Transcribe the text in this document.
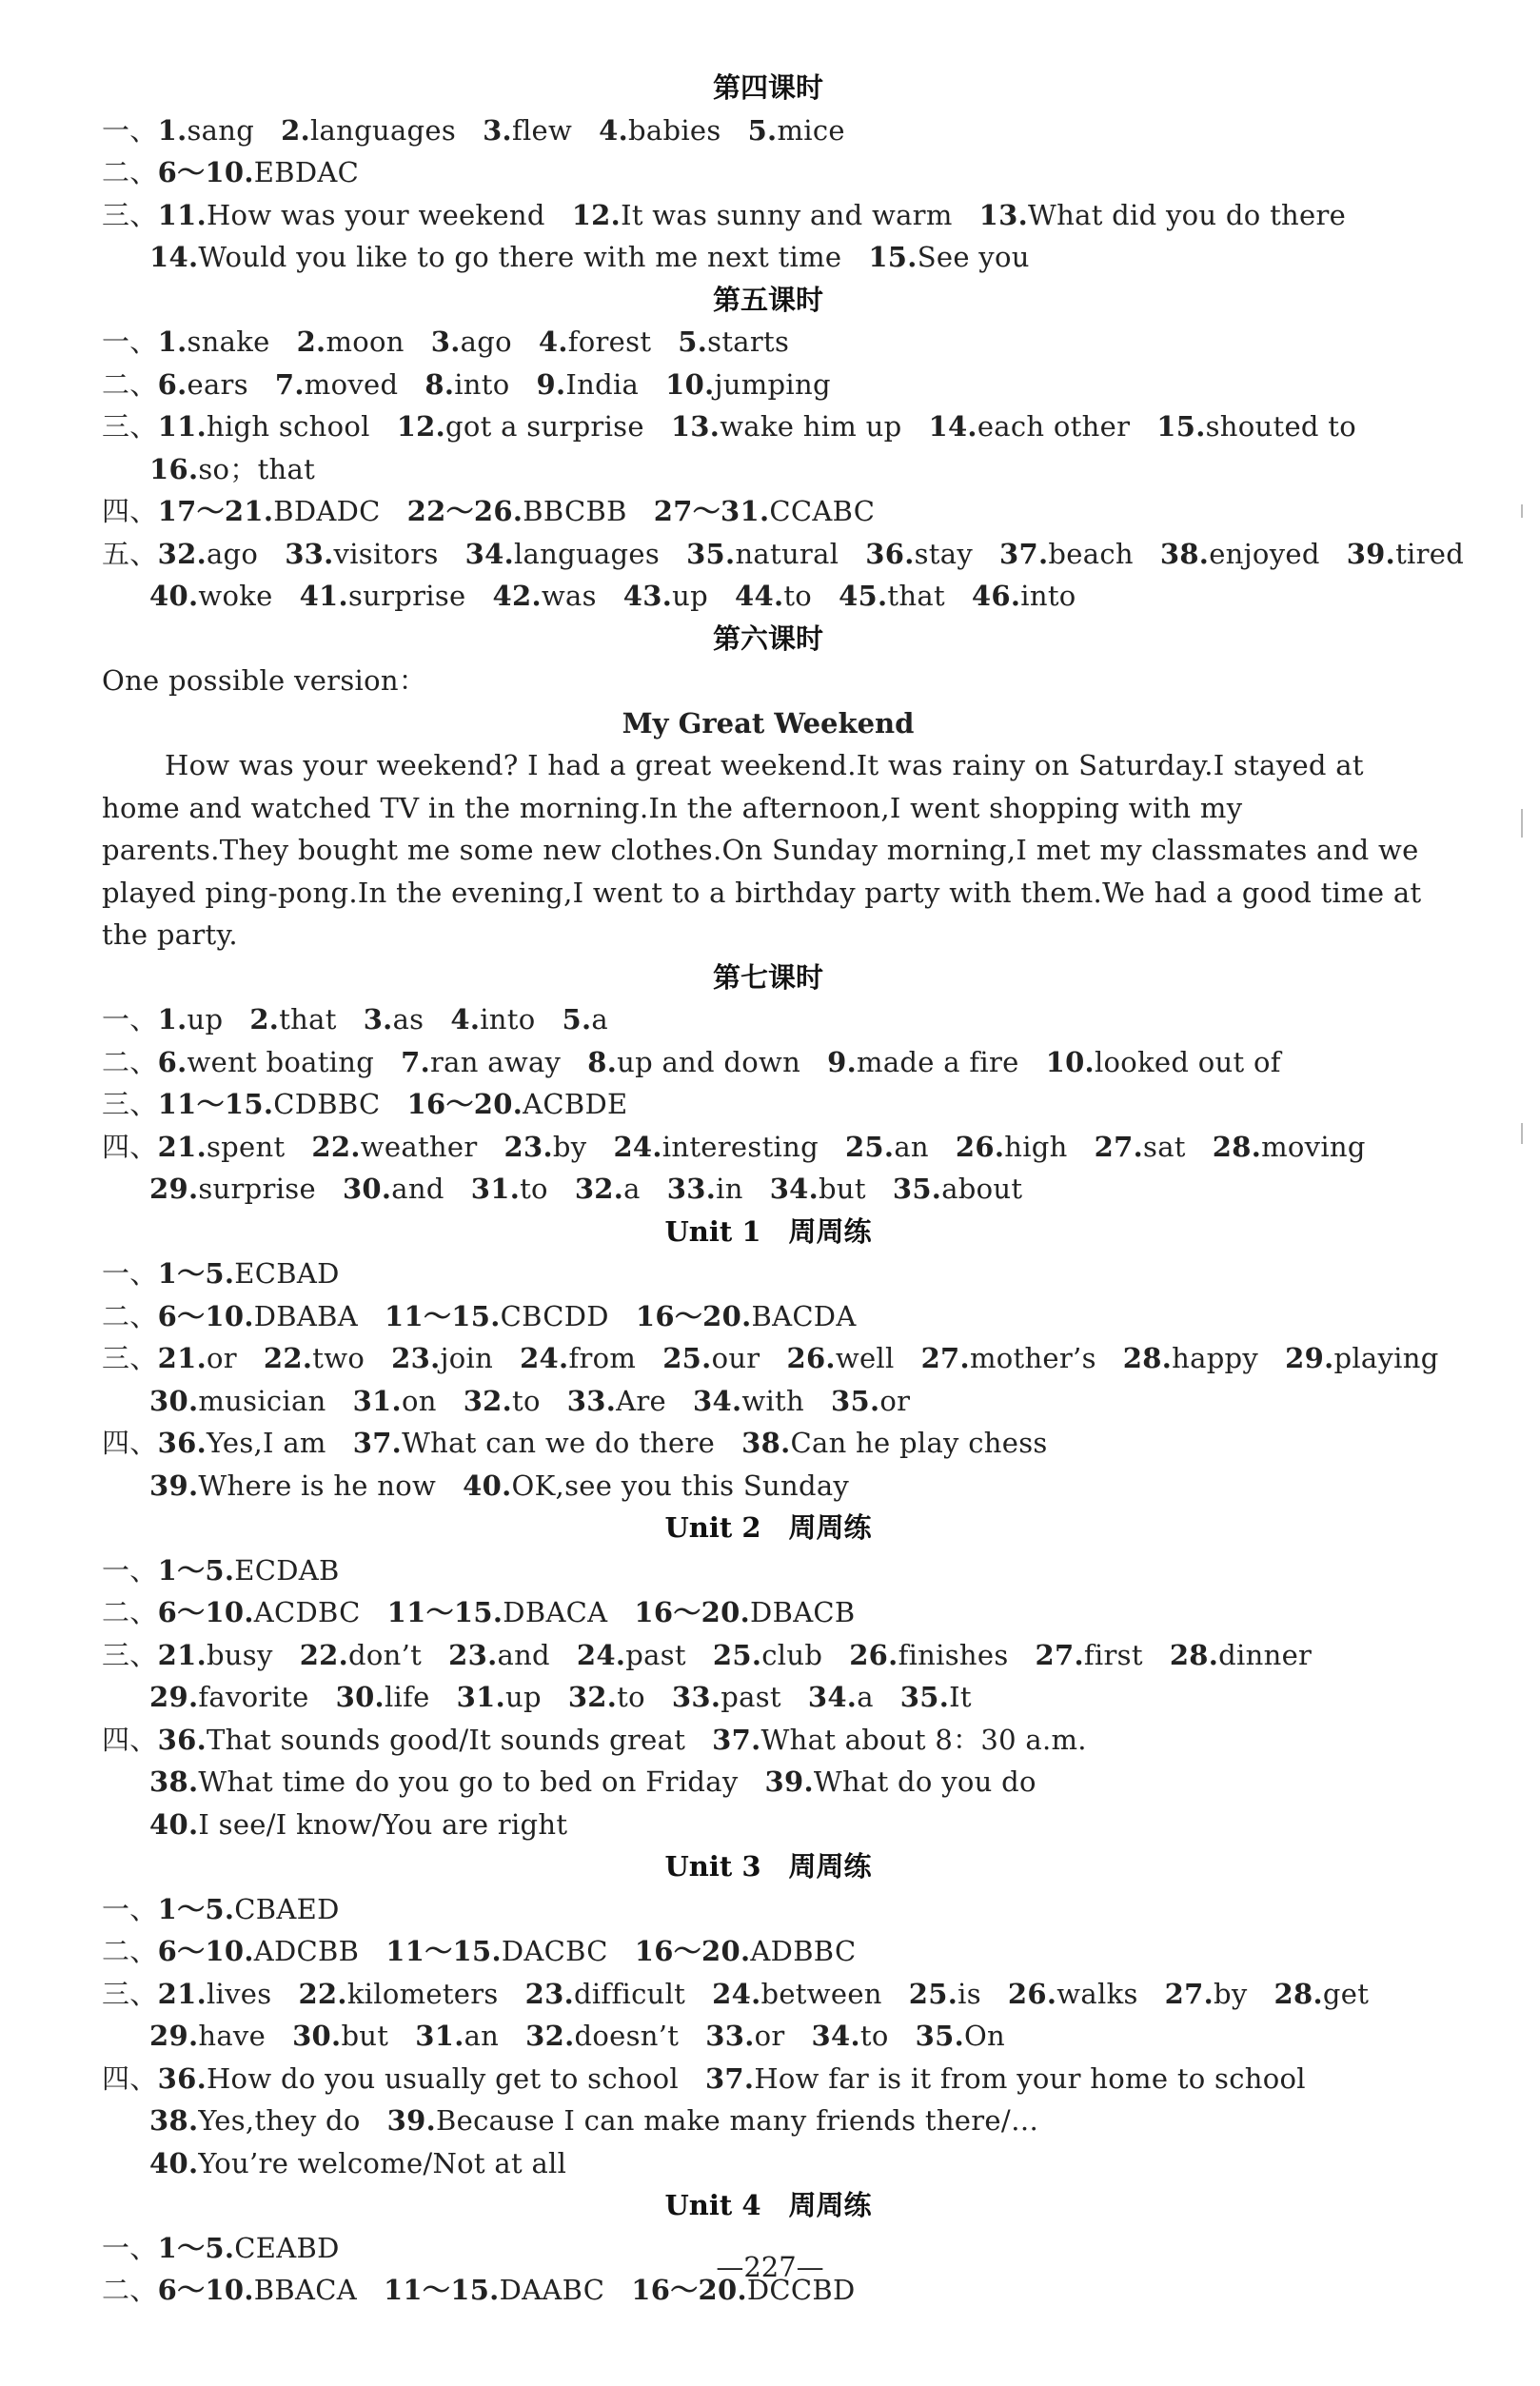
第四课时
一、1.sang 2.languages 3.flew 4.babies 5.mice
二、6～10.EBDAC
三、11.How was your weekend 12.It was sunny and warm 13.What did you do there
14.Would you like to go there with me next time 15.See you
第五课时
一、1.snake 2.moon 3.ago 4.forest 5.starts
二、6.ears 7.moved 8.into 9.India 10.jumping
三、11.high school 12.got a surprise 13.wake him up 14.each other 15.shouted to
16.so；that
四、17～21.BDADC 22～26.BBCBB 27～31.CCABC
五、32.ago 33.visitors 34.languages 35.natural 36.stay 37.beach 38.enjoyed 39.tired
40.woke 41.surprise 42.was 43.up 44.to 45.that 46.into
第六课时
One possible version：
My Great Weekend
How was your weekend? I had a great weekend.It was rainy on Saturday.I stayed at home and watched TV in the morning.In the afternoon,I went shopping with my parents.They bought me some new clothes.On Sunday morning,I met my classmates and we played ping-pong.In the evening,I went to a birthday party with them.We had a good time at the party.
第七课时
一、1.up 2.that 3.as 4.into 5.a
二、6.went boating 7.ran away 8.up and down 9.made a fire 10.looked out of
三、11～15.CDBBC 16～20.ACBDE
四、21.spent 22.weather 23.by 24.interesting 25.an 26.high 27.sat 28.moving
29.surprise 30.and 31.to 32.a 33.in 34.but 35.about
Unit 1　周周练
一、1～5.ECBAD
二、6～10.DBABA 11～15.CBCDD 16～20.BACDA
三、21.or 22.two 23.join 24.from 25.our 26.well 27.mother’s 28.happy 29.playing
30.musician 31.on 32.to 33.Are 34.with 35.or
四、36.Yes,I am 37.What can we do there 38.Can he play chess
39.Where is he now 40.OK,see you this Sunday
Unit 2　周周练
一、1～5.ECDAB
二、6～10.ACDBC 11～15.DBACA 16～20.DBACB
三、21.busy 22.don’t 23.and 24.past 25.club 26.finishes 27.first 28.dinner
29.favorite 30.life 31.up 32.to 33.past 34.a 35.It
四、36.That sounds good/It sounds great 37.What about 8：30 a.m.
38.What time do you go to bed on Friday 39.What do you do
40.I see/I know/You are right
Unit 3　周周练
一、1～5.CBAED
二、6～10.ADCBB 11～15.DACBC 16～20.ADBBC
三、21.lives 22.kilometers 23.difficult 24.between 25.is 26.walks 27.by 28.get
29.have 30.but 31.an 32.doesn’t 33.or 34.to 35.On
四、36.How do you usually get to school 37.How far is it from your home to school
38.Yes,they do 39.Because I can make many friends there/…
40.You’re welcome/Not at all
Unit 4　周周练
一、1～5.CEABD
二、6～10.BBACA 11～15.DAABC 16～20.DCCBD
—227—
